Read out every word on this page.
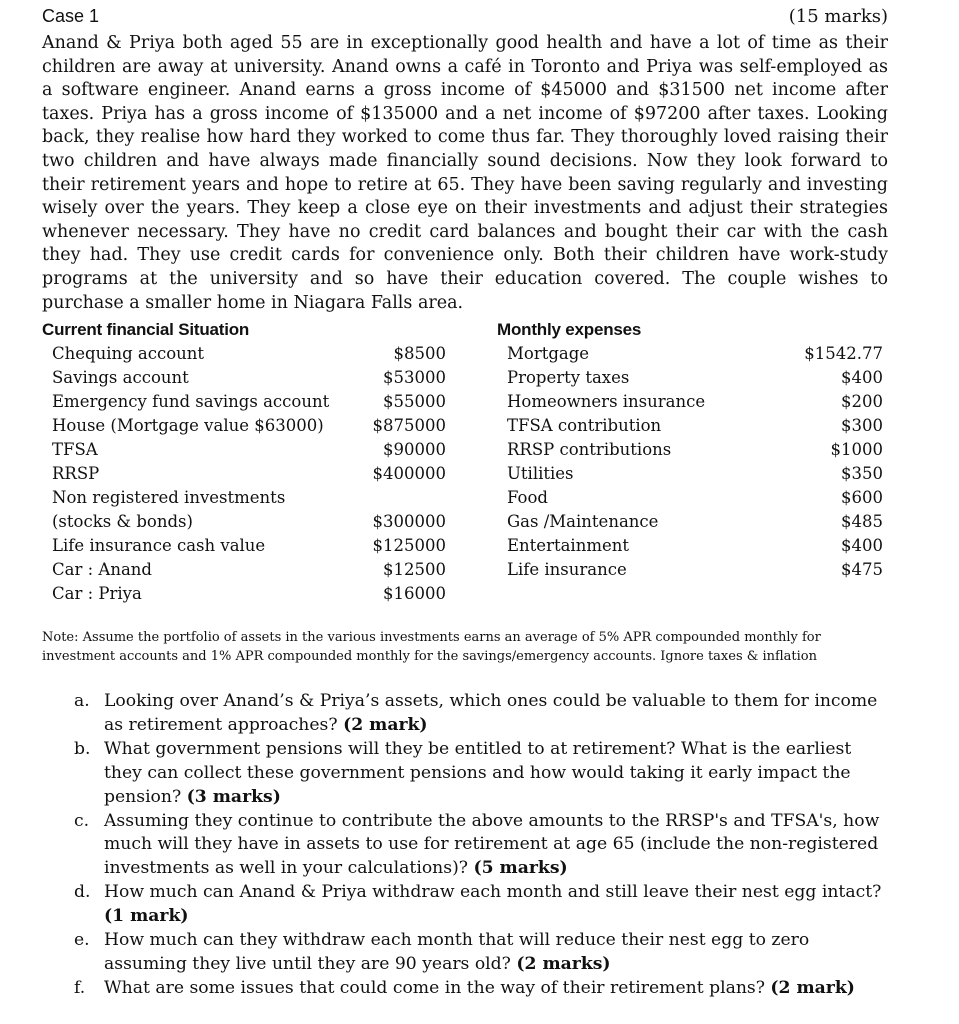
Case 1	(15 marks)

Anand & Priya both aged 55 are in exceptionally good health and have a lot of time as their children are away at university. Anand owns a café in Toronto and Priya was self-employed as a software engineer. Anand earns a gross income of $45000 and $31500 net income after taxes. Priya has a gross income of $135000 and a net income of $97200 after taxes. Looking back, they realise how hard they worked to come thus far. They thoroughly loved raising their two children and have always made financially sound decisions. Now they look forward to their retirement years and hope to retire at 65. They have been saving regularly and investing wisely over the years. They keep a close eye on their investments and adjust their strategies whenever necessary. They have no credit card balances and bought their car with the cash they had. They use credit cards for convenience only. Both their children have work-study programs at the university and so have their education covered. The couple wishes to purchase a smaller home in Niagara Falls area.

Current financial Situation
Chequing account	$8500
Savings account	$53000
Emergency fund savings account	$55000
House (Mortgage value $63000)	$875000
TFSA	$90000
RRSP	$400000
Non registered investments
(stocks & bonds)	$300000
Life insurance cash value	$125000
Car : Anand	$12500
Car : Priya	$16000
Monthly expenses
Mortgage	$1542.77
Property taxes	$400
Homeowners insurance	$200
TFSA contribution	$300
RRSP contributions	$1000
Utilities	$350
Food	$600
Gas /Maintenance	$485
Entertainment	$400
Life insurance	$475
Note: Assume the portfolio of assets in the various investments earns an average of 5% APR compounded monthly for investment accounts and 1% APR compounded monthly for the savings/emergency accounts. Ignore taxes & inflation
a. Looking over Anand’s & Priya’s assets, which ones could be valuable to them for income as retirement approaches? (2 mark)
b. What government pensions will they be entitled to at retirement? What is the earliest they can collect these government pensions and how would taking it early impact the pension? (3 marks)
c. Assuming they continue to contribute the above amounts to the RRSP's and TFSA's, how much will they have in assets to use for retirement at age 65 (include the non-registered investments as well in your calculations)? (5 marks)
d. How much can Anand & Priya withdraw each month and still leave their nest egg intact? (1 mark)
e. How much can they withdraw each month that will reduce their nest egg to zero assuming they live until they are 90 years old? (2 marks)
f. What are some issues that could come in the way of their retirement plans? (2 mark)
